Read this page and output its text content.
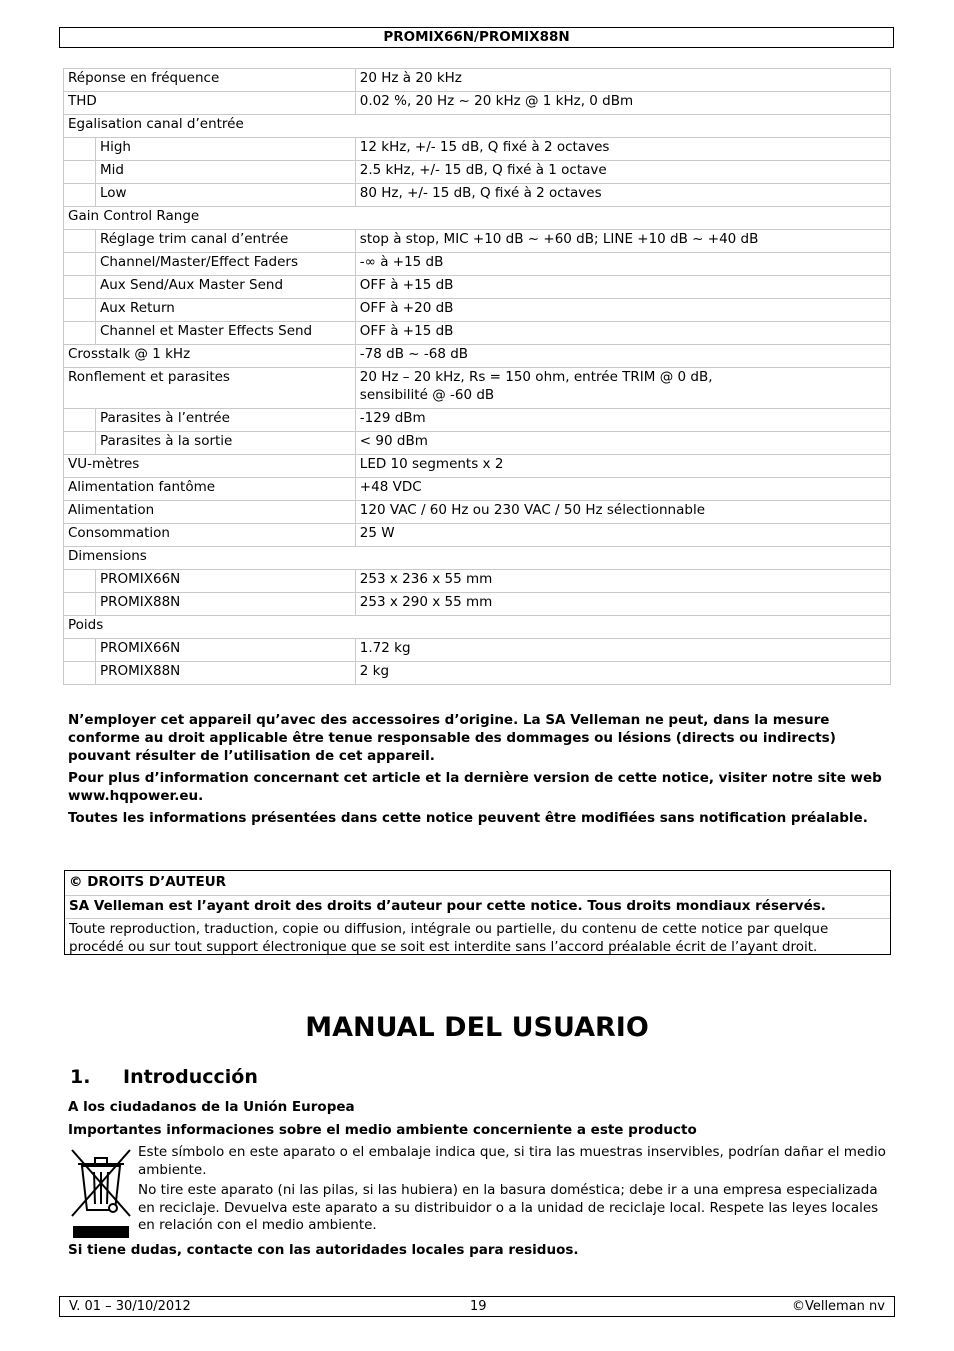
PROMIX66N/PROMIX88N
Réponse en fréquence		20 Hz à 20 kHz

THD		0.02 %, 20 Hz ~ 20 kHz @ 1 kHz, 0 dBm

Egalisation canal d’entrée		
	High	12 kHz, +/- 15 dB, Q fixé à 2 octaves

	Mid	2.5 kHz, +/- 15 dB, Q fixé à 1 octave

	Low	80 Hz, +/- 15 dB, Q fixé à 2 octaves

Gain Control Range		
	Réglage trim canal d’entrée	stop à stop, MIC +10 dB ~ +60 dB; LINE +10 dB ~ +40 dB

	Channel/Master/Effect Faders	-∞ à +15 dB

	Aux Send/Aux Master Send	OFF à +15 dB

	Aux Return	OFF à +20 dB

	Channel et Master Effects Send	OFF à +15 dB

Crosstalk @ 1 kHz		-78 dB ~ -68 dB

Ronflement et parasites		20 Hz – 20 kHz, Rs = 150 ohm, entrée TRIM @ 0 dB,
sensibilité @ -60 dB

	Parasites à l’entrée	-129 dBm

	Parasites à la sortie	< 90 dBm

VU-mètres		LED 10 segments x 2

Alimentation fantôme		+48 VDC

Alimentation		120 VAC / 60 Hz ou 230 VAC / 50 Hz sélectionnable

Consommation		25 W

Dimensions		
	PROMIX66N	253 x 236 x 55 mm

	PROMIX88N	253 x 290 x 55 mm

Poids		
	PROMIX66N	1.72 kg

	PROMIX88N	2 kg

N’employer cet appareil qu’avec des accessoires d’origine. La SA Velleman ne peut, dans la mesure conforme au droit applicable être tenue responsable des dommages ou lésions (directs ou indirects) pouvant résulter de l’utilisation de cet appareil.

Pour plus d’information concernant cet article et la dernière version de cette notice, visiter notre site web www.hqpower.eu.

Toutes les informations présentées dans cette notice peuvent être modifiées sans notification préalable.

© DROITS D’AUTEUR

SA Velleman est l’ayant droit des droits d’auteur pour cette notice. Tous droits mondiaux réservés.

Toute reproduction, traduction, copie ou diffusion, intégrale ou partielle, du contenu de cette notice par quelque procédé ou sur tout support électronique que se soit est interdite sans l’accord préalable écrit de l’ayant droit.

MANUAL DEL USUARIO
1. Introducción
A los ciudadanos de la Unión Europea
Importantes informaciones sobre el medio ambiente concerniente a este producto

Este símbolo en este aparato o el embalaje indica que, si tira las muestras inservibles, podrían dañar el medio ambiente.

No tire este aparato (ni las pilas, si las hubiera) en la basura doméstica; debe ir a una empresa especializada en reciclaje. Devuelva este aparato a su distribuidor o a la unidad de reciclaje local. Respete las leyes locales en relación con el medio ambiente.

Si tiene dudas, contacte con las autoridades locales para residuos.
V. 01 – 30/10/2012	19	©Velleman nv
